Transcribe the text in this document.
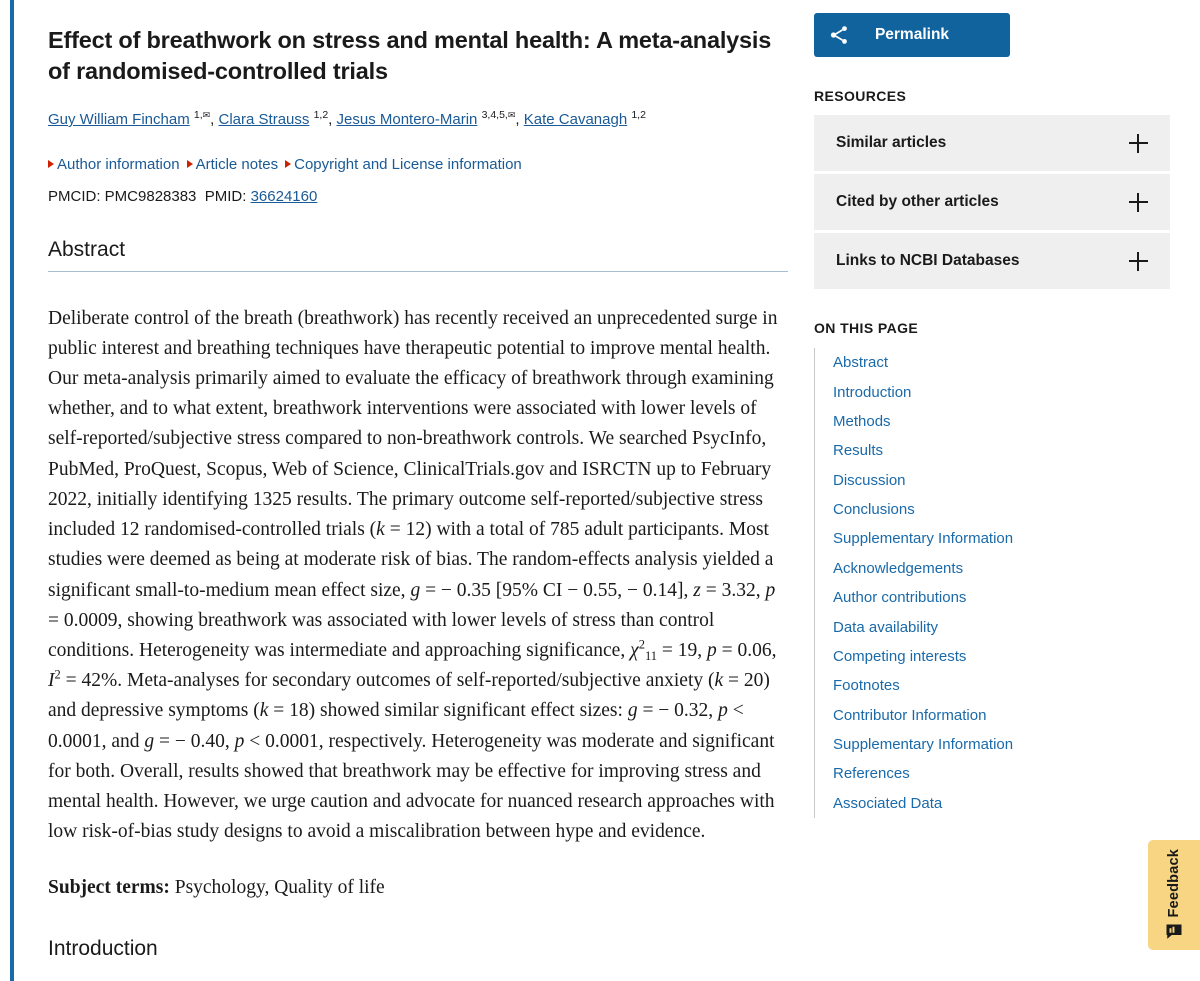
Effect of breathwork on stress and mental health: A meta-analysis of randomised-controlled trials
Guy William Fincham $^{1,✉}$, Clara Strauss $^{1,2}$, Jesus Montero-Marin $^{3,4,5,✉}$, Kate Cavanagh $^{1,2}$
Author information Article notes Copyright and License information
PMCID: PMC9828383 PMID: 36624160
Abstract
Deliberate control of the breath (breathwork) has recently received an unprecedented surge in public interest and breathing techniques have therapeutic potential to improve mental health. Our meta-analysis primarily aimed to evaluate the efficacy of breathwork through examining whether, and to what extent, breathwork interventions were associated with lower levels of self-reported/subjective stress compared to non-breathwork controls. We searched PsycInfo, PubMed, ProQuest, Scopus, Web of Science, ClinicalTrials.gov and ISRCTN up to February 2022, initially identifying 1325 results. The primary outcome self-reported/subjective stress included 12 randomised-controlled trials (k = 12) with a total of 785 adult participants. Most studies were deemed as being at moderate risk of bias. The random-effects analysis yielded a significant small-to-medium mean effect size, g = − 0.35 [95% CI − 0.55, − 0.14], z = 3.32, p = 0.0009, showing breathwork was associated with lower levels of stress than control conditions. Heterogeneity was intermediate and approaching significance, $\chi^2_{11} = 19$, p = 0.06, $I^2 = 42\%$. Meta-analyses for secondary outcomes of self-reported/subjective anxiety (k = 20) and depressive symptoms (k = 18) showed similar significant effect sizes: g = − 0.32, p < 0.0001, and g = − 0.40, p < 0.0001, respectively. Heterogeneity was moderate and significant for both. Overall, results showed that breathwork may be effective for improving stress and mental health. However, we urge caution and advocate for nuanced research approaches with low risk-of-bias study designs to avoid a miscalibration between hype and evidence.
Subject terms: Psychology, Quality of life
Introduction
Permalink
RESOURCES
Similar articles
Cited by other articles
Links to NCBI Databases
ON THIS PAGE
Abstract
Introduction
Methods
Results
Discussion
Conclusions
Supplementary Information
Acknowledgements
Author contributions
Data availability
Competing interests
Footnotes
Contributor Information
Supplementary Information
References
Associated Data
Feedback
